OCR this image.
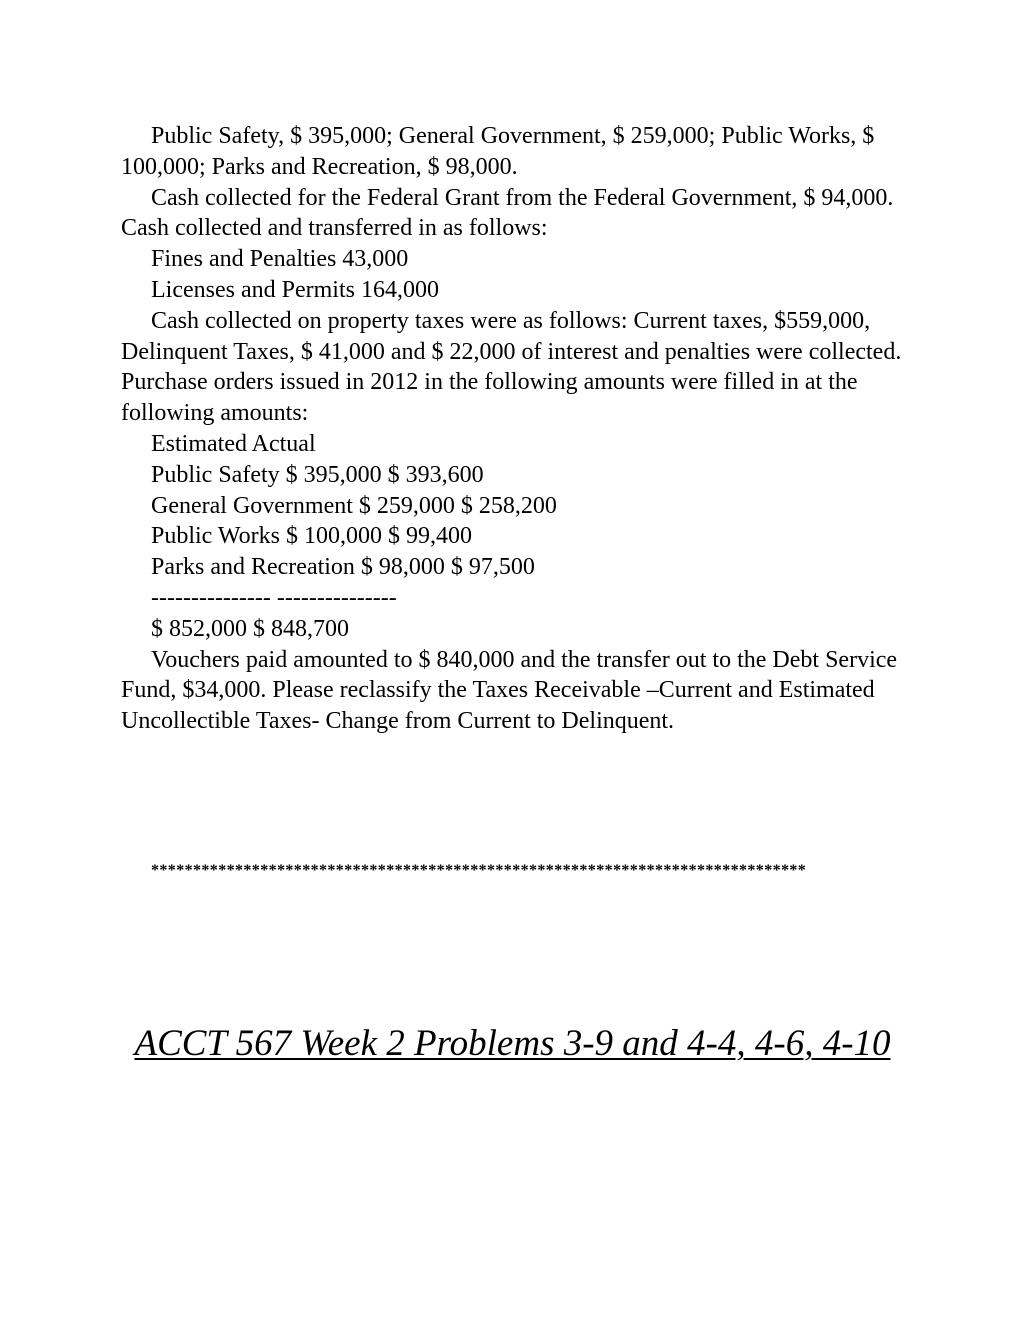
Public Safety, $ 395,000; General Government, $ 259,000; Public Works, $ 100,000; Parks and Recreation, $ 98,000.

Cash collected for the Federal Grant from the Federal Government, $ 94,000. Cash collected and transferred in as follows:

Fines and Penalties 43,000

Licenses and Permits 164,000

Cash collected on property taxes were as follows: Current taxes, $559,000, Delinquent Taxes, $ 41,000 and $ 22,000 of interest and penalties were collected. Purchase orders issued in 2012 in the following amounts were filled in at the following amounts:

Estimated Actual

Public Safety $ 395,000 $ 393,600

General Government $ 259,000 $ 258,200

Public Works $ 100,000 $ 99,400

Parks and Recreation $ 98,000 $ 97,500

--------------- ---------------

$ 852,000 $ 848,700

Vouchers paid amounted to $ 840,000 and the transfer out to the Debt Service Fund, $34,000. Please reclassify the Taxes Receivable –Current and Estimated Uncollectible Taxes- Change from Current to Delinquent.

******************************************************************************
ACCT 567 Week 2 Problems 3-9 and 4-4, 4-6, 4-10
